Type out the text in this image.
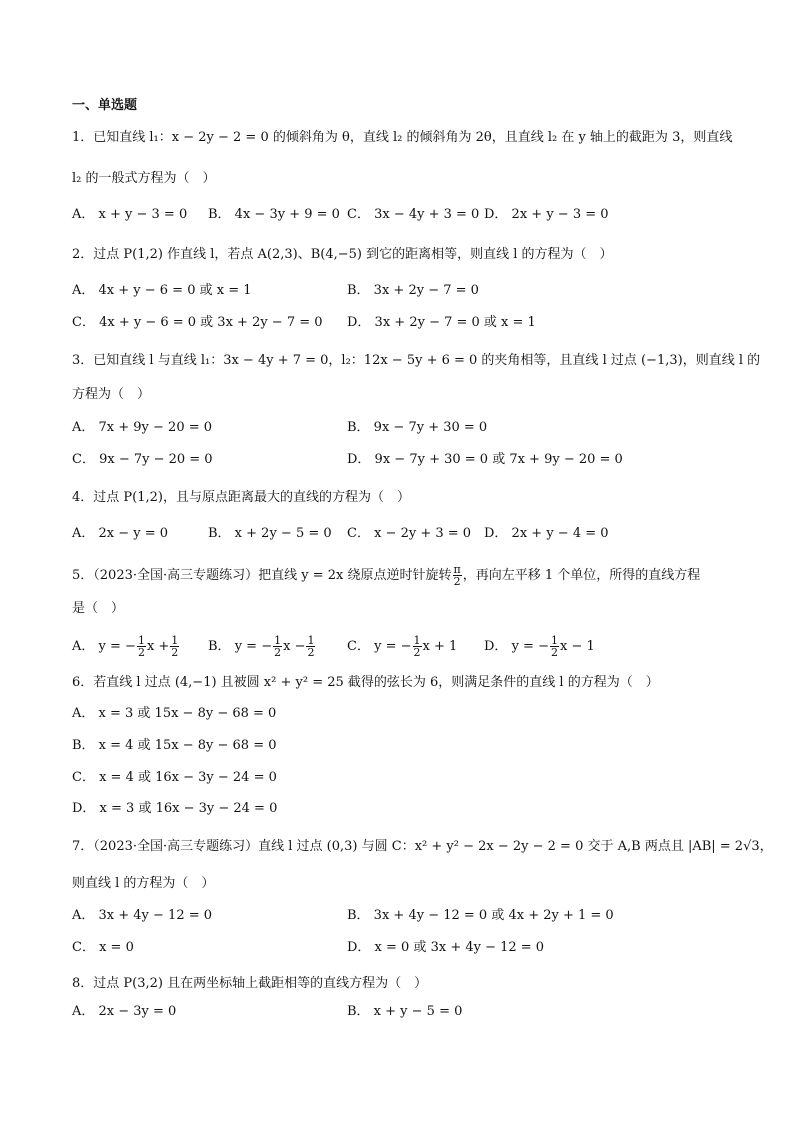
一、单选题
1．已知直线 l₁：x − 2y − 2 = 0 的倾斜角为 θ，直线 l₂ 的倾斜角为 2θ，且直线 l₂ 在 y 轴上的截距为 3，则直线
l₂ 的一般式方程为（　）
A． x + y − 3 = 0 B． 4x − 3y + 9 = 0 C． 3x − 4y + 3 = 0 D． 2x + y − 3 = 0
2．过点 P(1,2) 作直线 l，若点 A(2,3)、B(4,−5) 到它的距离相等，则直线 l 的方程为（　）
A． 4x + y − 6 = 0 或 x = 1	B． 3x + 2y − 7 = 0
C． 4x + y − 6 = 0 或 3x + 2y − 7 = 0 D． 3x + 2y − 7 = 0 或 x = 1
3．已知直线 l 与直线 l₁：3x − 4y + 7 = 0，l₂：12x − 5y + 6 = 0 的夹角相等，且直线 l 过点 (−1,3)，则直线 l 的
方程为（　）
A． 7x + 9y − 20 = 0	B． 9x − 7y + 30 = 0
C． 9x − 7y − 20 = 0	D． 9x − 7y + 30 = 0 或 7x + 9y − 20 = 0
4．过点 P(1,2)，且与原点距离最大的直线的方程为（　）
A． 2x − y = 0	B． x + 2y − 5 = 0 C． x − 2y + 3 = 0 D． 2x + y − 4 = 0
5．（2023·全国·高三专题练习）把直线 y = 2x 绕原点逆时针旋转 $\frac{\pi}{2}$ ，再向左平移 1 个单位，所得的直线方程
是（　）
A． y = − $\frac{1}{2}$ $x + \frac{1}{2}$ B． y = − $\frac{1}{2}$ $x - \frac{1}{2}$ C． y = − $\frac{1}{2}$ x + 1 D． y = − $\frac{1}{2}$ x − 1
6．若直线 l 过点 (4,−1) 且被圆 x² + y² = 25 截得的弦长为 6，则满足条件的直线 l 的方程为（　）
A． x = 3 或 15x − 8y − 68 = 0
B． x = 4 或 15x − 8y − 68 = 0
C． x = 4 或 16x − 3y − 24 = 0
D． x = 3 或 16x − 3y − 24 = 0
7．（2023·全国·高三专题练习）直线 l 过点 (0,3) 与圆 C：x² + y² − 2x − 2y − 2 = 0 交于 A,B 两点且 |AB| = 2√3，
则直线 l 的方程为（　）
A． 3x + 4y − 12 = 0	B． 3x + 4y − 12 = 0 或 4x + 2y + 1 = 0
C． x = 0	D． x = 0 或 3x + 4y − 12 = 0
8．过点 P(3,2) 且在两坐标轴上截距相等的直线方程为（　）
A． 2x − 3y = 0	B． x + y − 5 = 0
